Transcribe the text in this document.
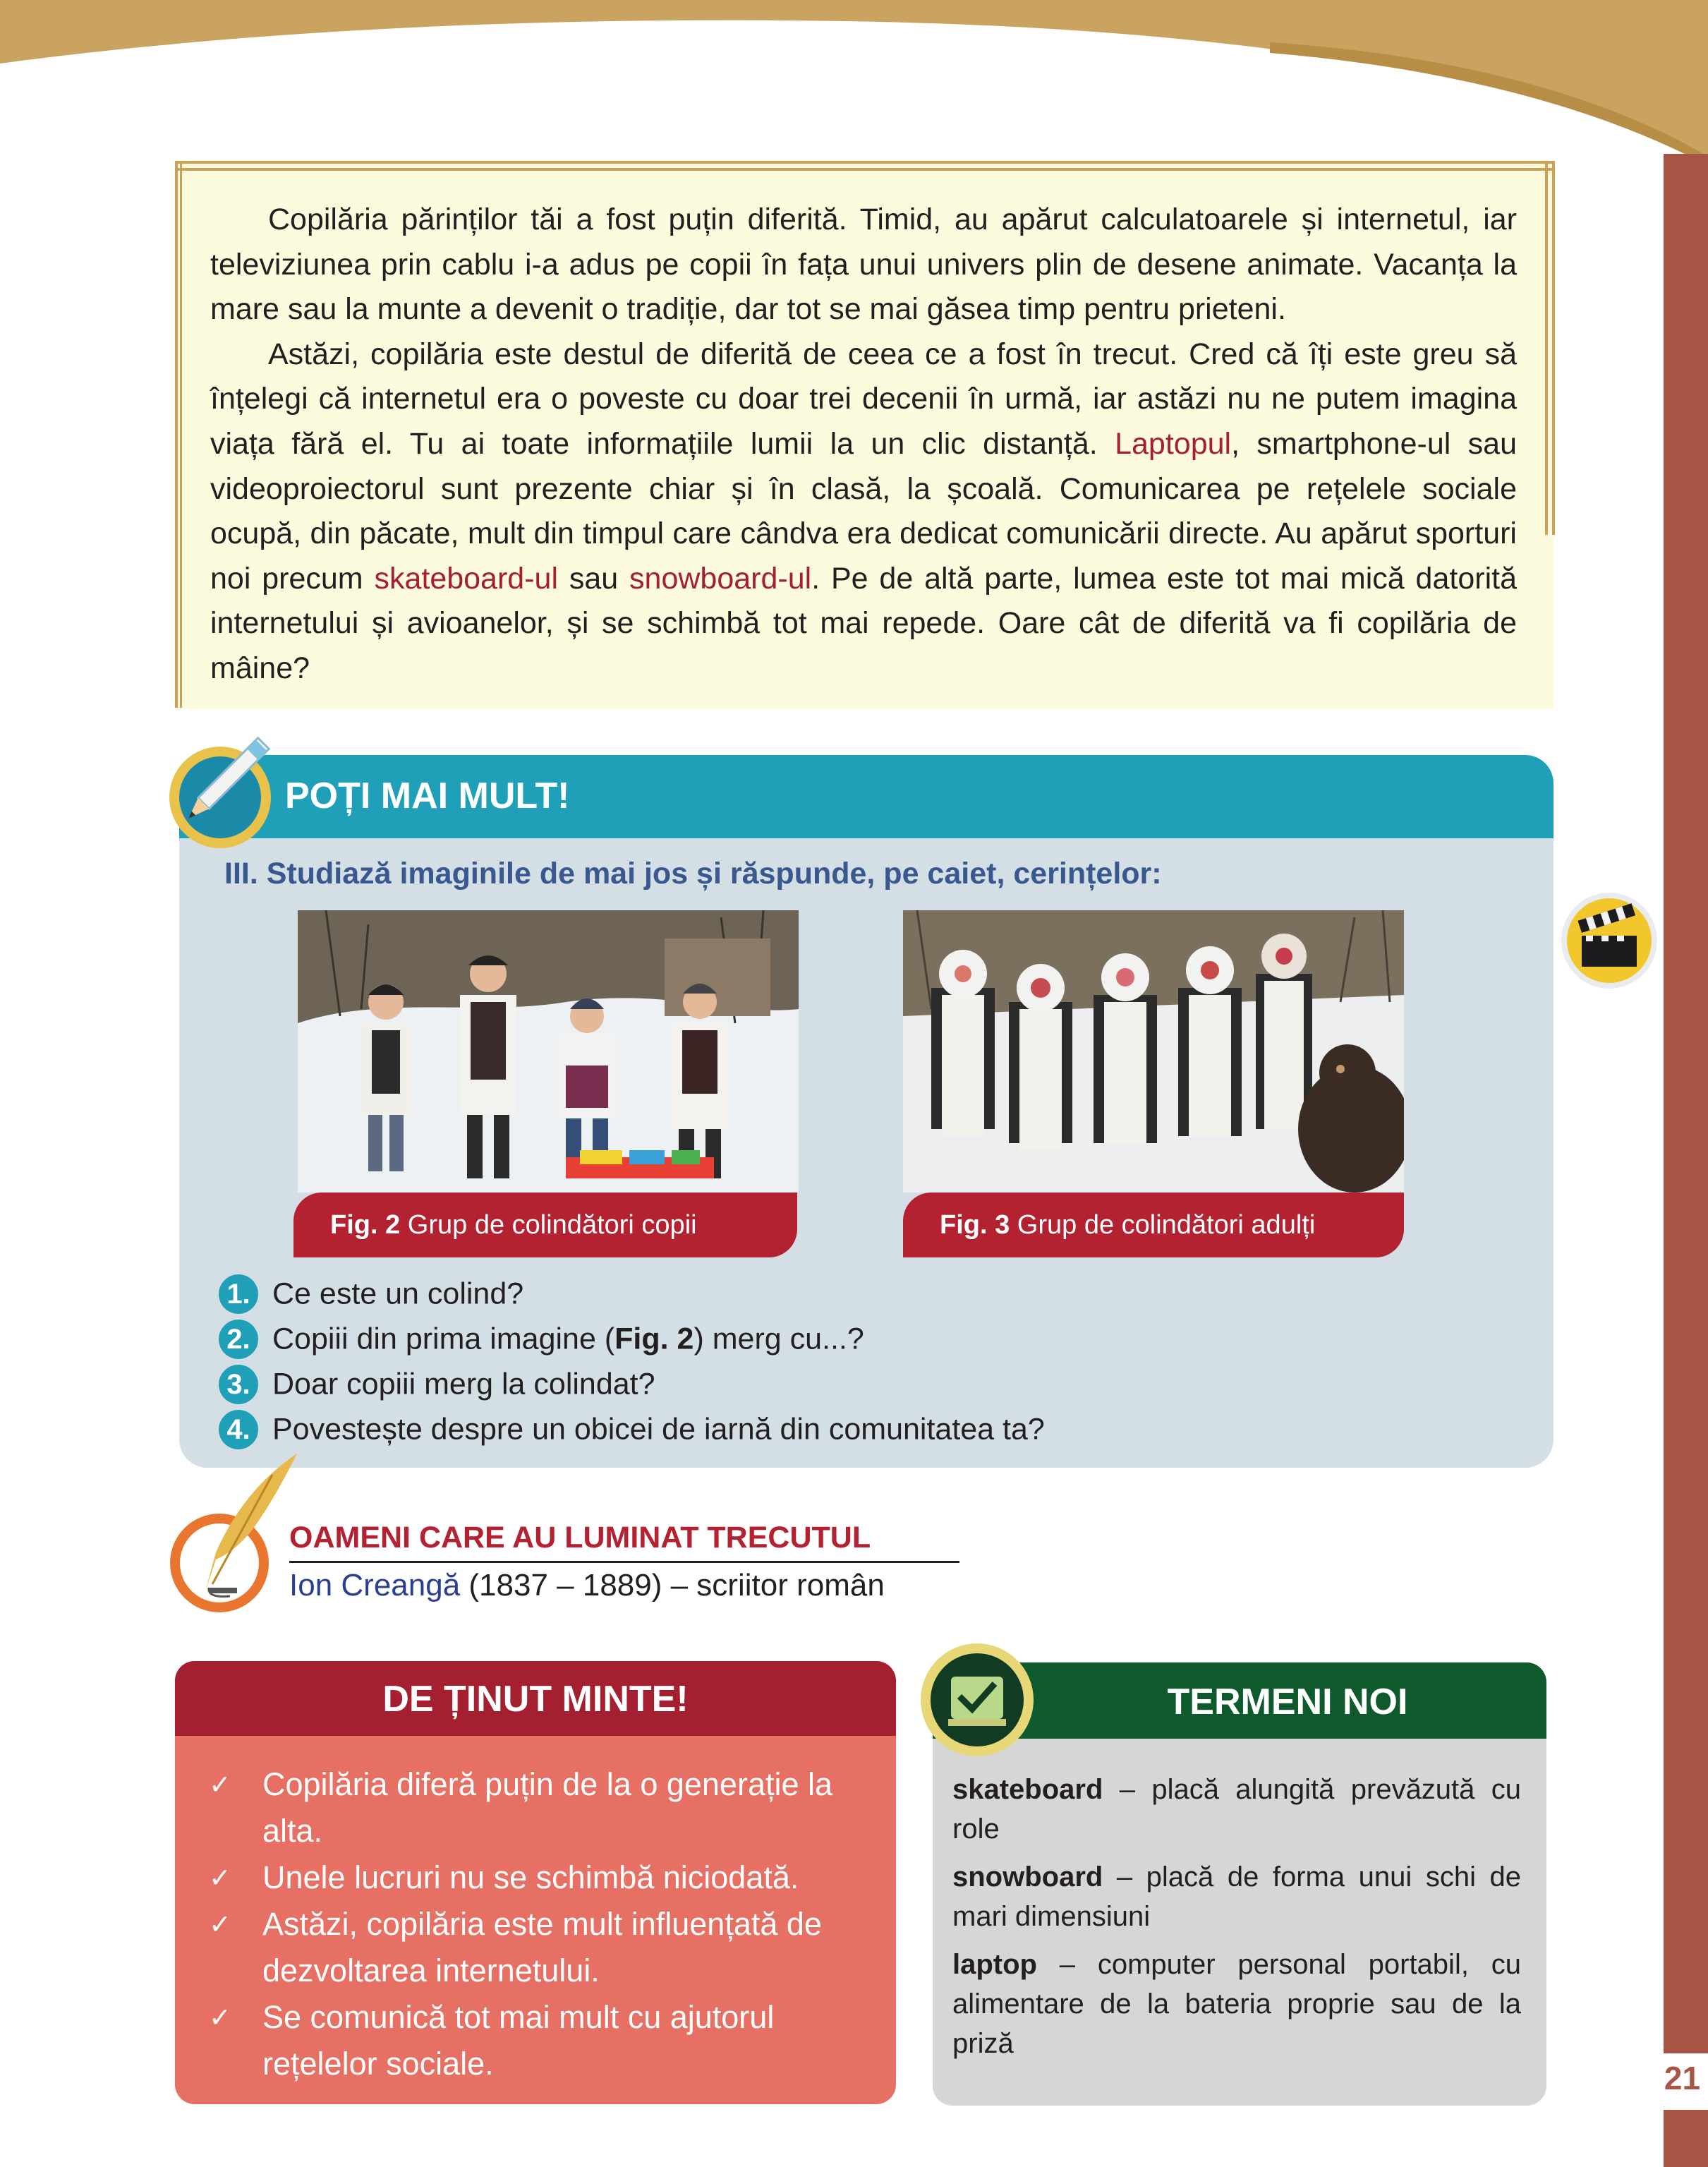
21

Copilăria părinților tăi a fost puțin diferită. Timid, au apărut calculatoarele și internetul, iar televiziunea prin cablu i-a adus pe copii în fața unui univers plin de desene animate. Vacanța la mare sau la munte a devenit o tradiție, dar tot se mai găsea timp pentru prieteni.

Astăzi, copilăria este destul de diferită de ceea ce a fost în trecut. Cred că îți este greu să înțelegi că internetul era o poveste cu doar trei decenii în urmă, iar astăzi nu ne putem imagina viața fără el. Tu ai toate informațiile lumii la un clic distanță. Laptopul, smartphone-ul sau videoproiectorul sunt prezente chiar și în clasă, la școală. Comunicarea pe rețelele sociale ocupă, din păcate, mult din timpul care cândva era dedicat comunicării directe. Au apărut sporturi noi precum skateboard-ul sau snowboard-ul. Pe de altă parte, lumea este tot mai mică datorită internetului și avioanelor, și se schimbă tot mai repede. Oare cât de diferită va fi copilăria de mâine?

POȚI MAI MULT!
III. Studiază imaginile de mai jos și răspunde, pe caiet, cerințelor:
Fig. 2 Grup de colindători copii	Fig. 3 Grup de colindători adulți
1. Ce este un colind?
2. Copiii din prima imagine (Fig. 2) merg cu...?
3. Doar copiii merg la colindat?
4. Povestește despre un obicei de iarnă din comunitatea ta?
OAMENI CARE AU LUMINAT TRECUTUL
Ion Creangă (1837 – 1889) – scriitor român
DE ȚINUT MINTE!
✓ Copilăria diferă puțin de la o generație la alta.
✓ Unele lucruri nu se schimbă niciodată.
✓ Astăzi, copilăria este mult influențată de dezvoltarea internetului.
✓ Se comunică tot mai mult cu ajutorul rețelelor sociale.
TERMENI NOI
skateboard – placă alungită prevăzută cu role
snowboard – placă de forma unui schi de mari dimensiuni
laptop – computer personal portabil, cu alimentare de la bateria proprie sau de la priză
